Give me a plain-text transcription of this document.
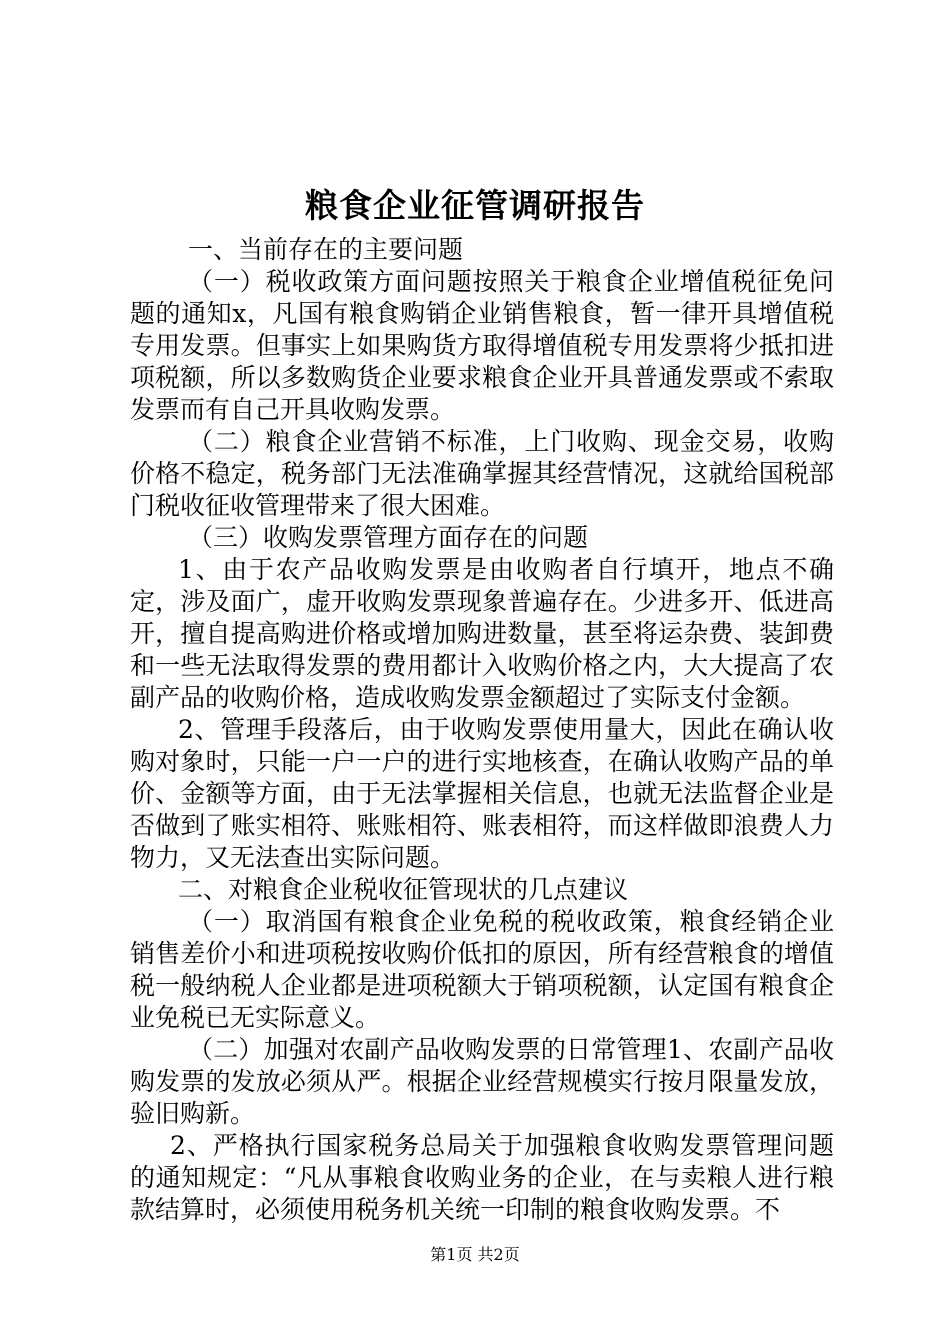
粮食企业征管调研报告

一、当前存在的主要问题

（一）税收政策方面问题按照关于粮食企业增值税征免问题的通知x，凡国有粮食购销企业销售粮食，暂一律开具增值税专用发票。但事实上如果购货方取得增值税专用发票将少抵扣进项税额，所以多数购货企业要求粮食企业开具普通发票或不索取发票而有自己开具收购发票。

（二）粮食企业营销不标准，上门收购、现金交易，收购价格不稳定，税务部门无法准确掌握其经营情况，这就给国税部门税收征收管理带来了很大困难。

（三）收购发票管理方面存在的问题

1、由于农产品收购发票是由收购者自行填开，地点不确定，涉及面广，虚开收购发票现象普遍存在。少进多开、低进高开，擅自提高购进价格或增加购进数量，甚至将运杂费、装卸费和一些无法取得发票的费用都计入收购价格之内，大大提高了农副产品的收购价格，造成收购发票金额超过了实际支付金额。

2、管理手段落后，由于收购发票使用量大，因此在确认收购对象时，只能一户一户的进行实地核查，在确认收购产品的单价、金额等方面，由于无法掌握相关信息，也就无法监督企业是否做到了账实相符、账账相符、账表相符，而这样做即浪费人力物力，又无法查出实际问题。

二、对粮食企业税收征管现状的几点建议

（一）取消国有粮食企业免税的税收政策，粮食经销企业销售差价小和进项税按收购价低扣的原因，所有经营粮食的增值税一般纳税人企业都是进项税额大于销项税额，认定国有粮食企业免税已无实际意义。

（二）加强对农副产品收购发票的日常管理1、农副产品收购发票的发放必须从严。根据企业经营规模实行按月限量发放，验旧购新。

2、严格执行国家税务总局关于加强粮食收购发票管理问题的通知规定：“凡从事粮食收购业务的企业，在与卖粮人进行粮款结算时，必须使用税务机关统一印制的粮食收购发票。不

第1页 共2页
